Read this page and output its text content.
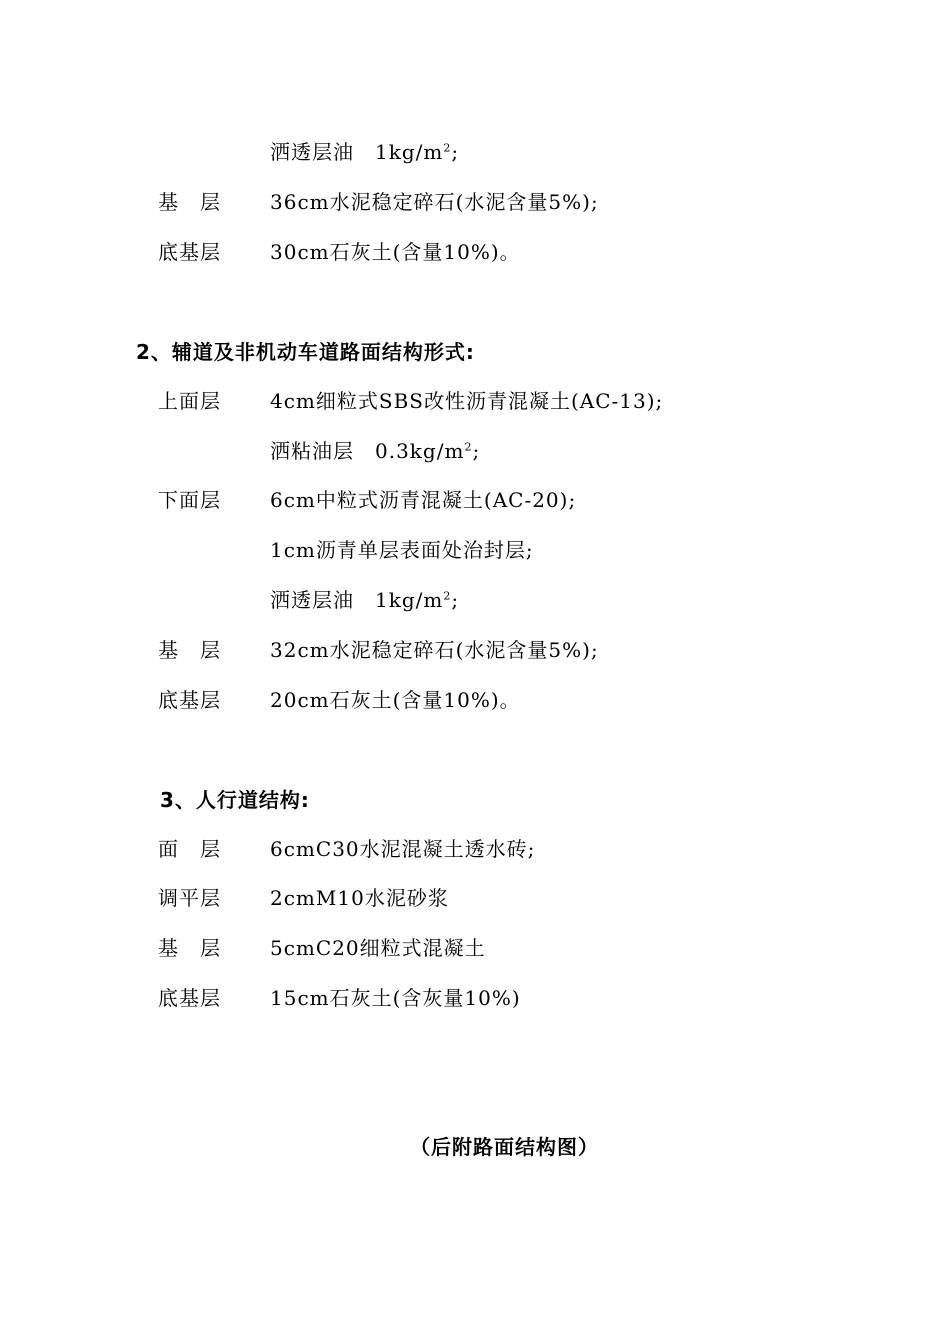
洒透层油　$1kg/m^2$;
基　层 36cm水泥稳定碎石(水泥含量5%);
底基层 30cm石灰土(含量10%)。
2、辅道及非机动车道路面结构形式:
上面层 4cm细粒式SBS改性沥青混凝土(AC-13);
洒粘油层　$0.3kg/m^2$;
下面层 6cm中粒式沥青混凝土(AC-20);
1cm沥青单层表面处治封层;
洒透层油　$1kg/m^2$;
基　层 32cm水泥稳定碎石(水泥含量5%);
底基层 20cm石灰土(含量10%)。
3、人行道结构:
面　层 6cmC30水泥混凝土透水砖;
调平层 2cmM10水泥砂浆
基　层 5cmC20细粒式混凝土
底基层 15cm石灰土(含灰量10%)
（后附路面结构图）
